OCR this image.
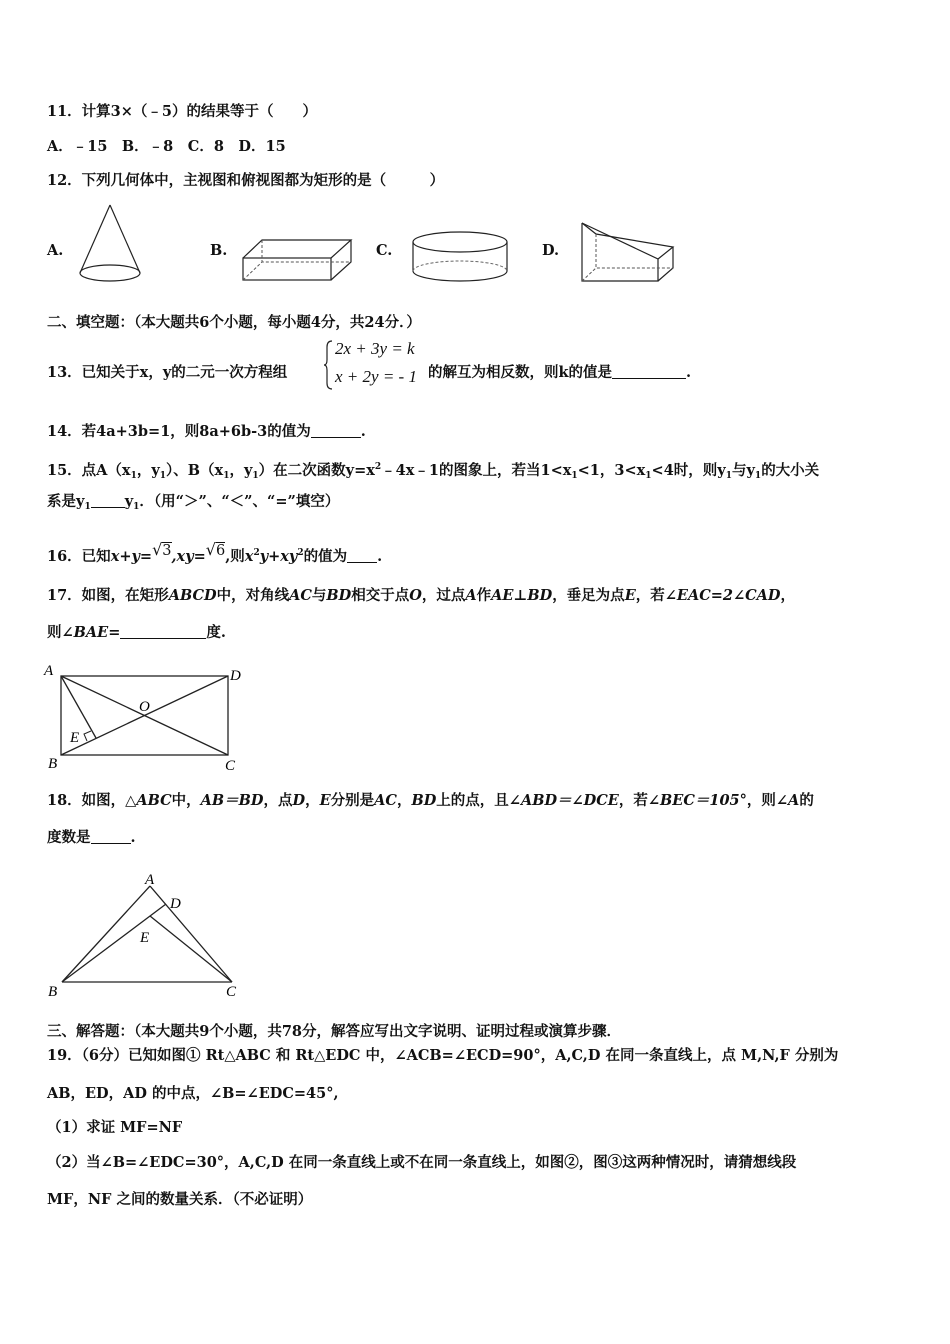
11．计算3×（﹣5）的结果等于（　　）
A．﹣15　B．﹣8　C．8　D．15
12．下列几何体中，主视图和俯视图都为矩形的是（　　　）
A.	B.	C.	D.
二、填空题：（本大题共6个小题，每小题4分，共24分．）
13．已知关于x，y的二元一次方程组
2x + 3y = k
x + 2y = - 1 的解互为相反数，则k的值是	.
14．若4a+3b=1，则8a+6b-3的值为	.
15．点$A(x_1$，$y_1$）、$B(x_1$，$y_1$）在二次函数$y=x^2﹣4x﹣1$的图象上，若当$1<x_1<1$，$3<x_1<4$时，则$y_1$与$y_1$的大小关
系是$y_1$ $y_1$．（用“＞”、“＜”、“=”填空）
16．已知x+y=√3,xy=√6,则$x^2y+xy^2$的值为 .
17．如图，在矩形ABCD中，对角线AC与BD相交于点O，过点A作AE⊥BD，垂足为点E，若∠EAC=2∠CAD，
则∠BAE=	度.
A	D
B	C
O
E
18．如图，△ABC中，AB＝BD，点D，E分别是AC，BD上的点，且∠ABD＝∠DCE，若∠BEC＝105°，则∠A的
度数是	.
A
D
E
B	C
三、解答题：（本大题共9个小题，共78分，解答应写出文字说明、证明过程或演算步骤．
19．（6分）已知如图① Rt△ABC 和 Rt△EDC 中，∠ACB=∠ECD=90°，A,C,D 在同一条直线上，点 M,N,F 分别为
AB，ED，AD 的中点，∠B=∠EDC=45°,
（1）求证 MF=NF
（2）当∠B=∠EDC=30°，A,C,D 在同一条直线上或不在同一条直线上，如图②，图③这两种情况时，请猜想线段
MF，NF 之间的数量关系．（不必证明）
